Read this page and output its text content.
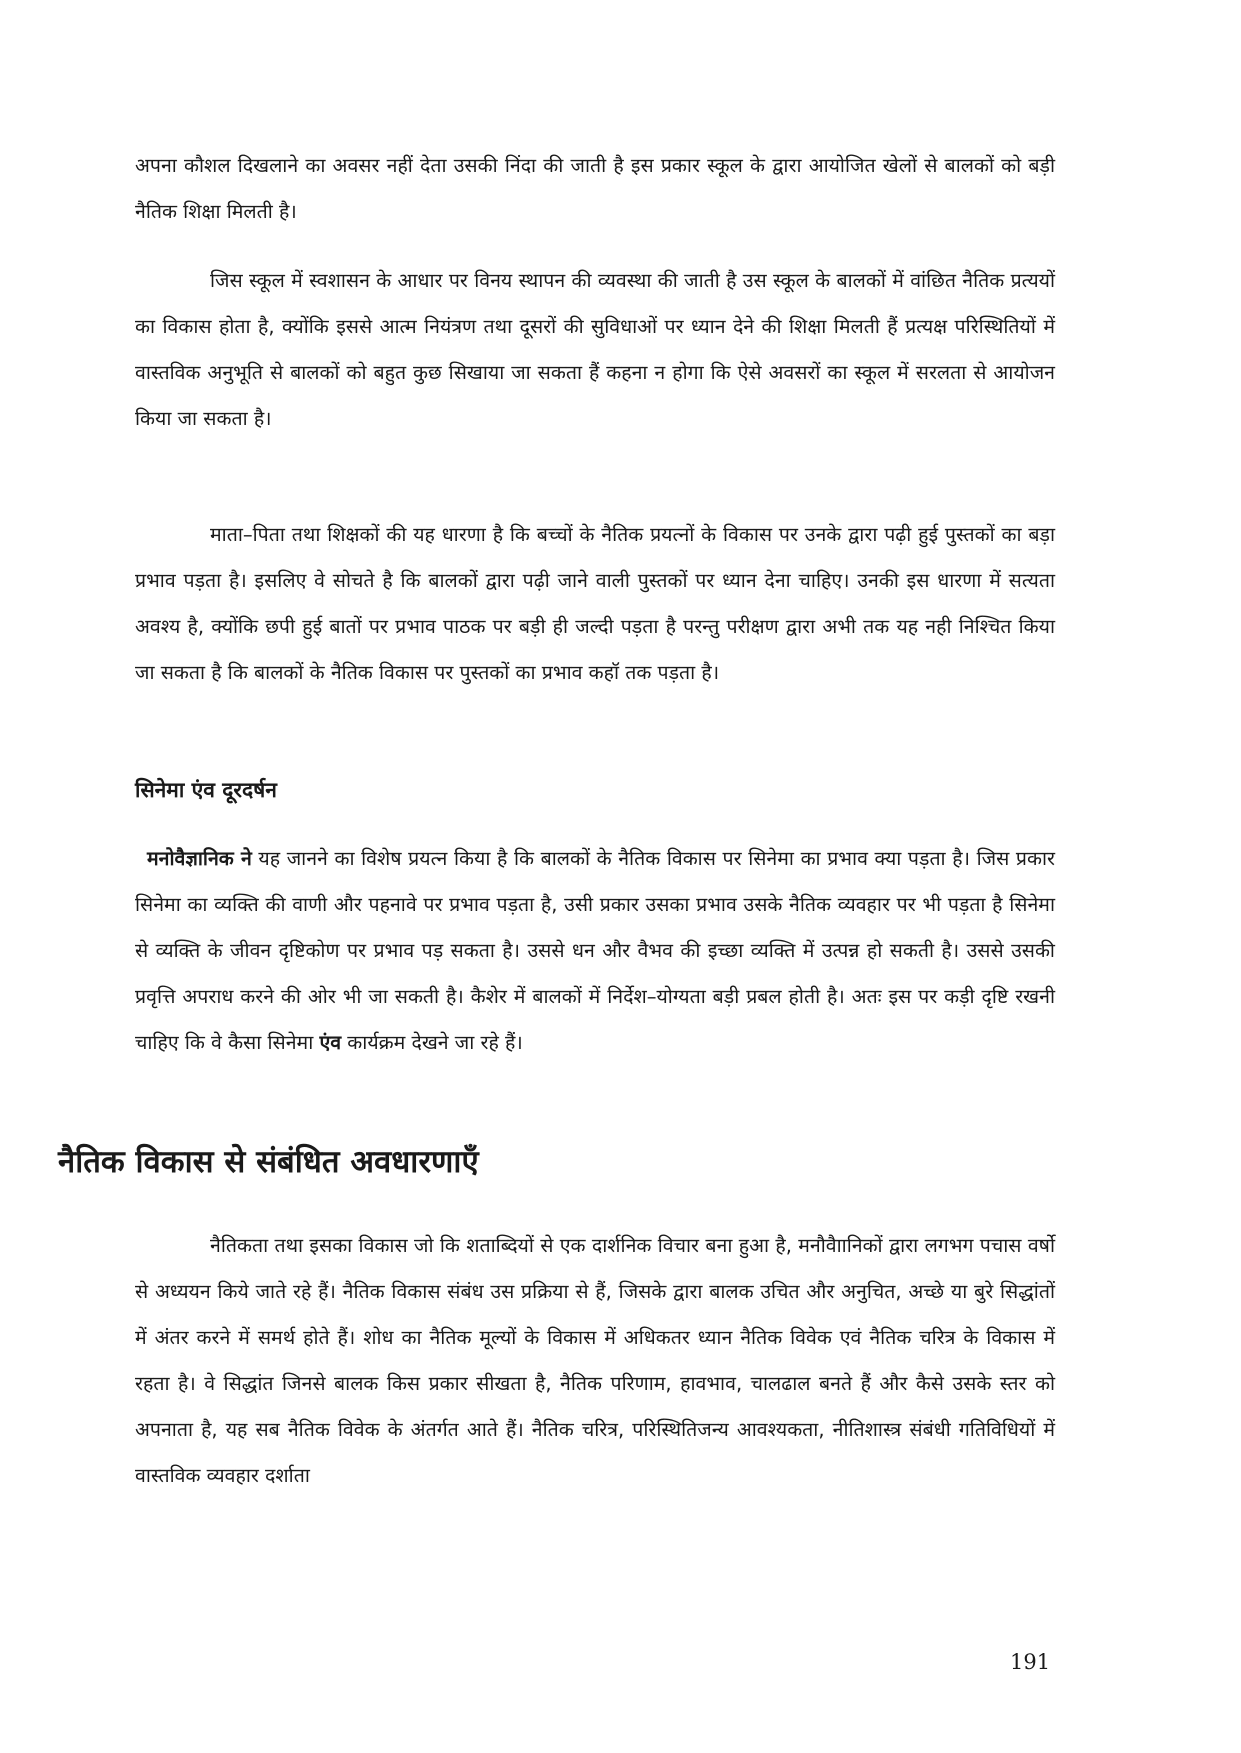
अपना कौशल दिखलाने का अवसर नहीं देता उसकी निंदा की जाती है इस प्रकार स्कूल के द्वारा आयोजित खेलों से बालकों को बड़ी नैतिक शिक्षा मिलती है।

जिस स्कूल में स्वशासन के आधार पर विनय स्थापन की व्यवस्था की जाती है उस स्कूल के बालकों में वांछित नैतिक प्रत्ययों का विकास होता है, क्योंकि इससे आत्म नियंत्रण तथा दूसरों की सुविधाओं पर ध्यान देने की शिक्षा मिलती हैं प्रत्यक्ष परिस्थितियों में वास्तविक अनुभूति से बालकों को बहुत कुछ सिखाया जा सकता हैं कहना न होगा कि ऐसे अवसरों का स्कूल में सरलता से आयोजन किया जा सकता है।

माता–पिता तथा शिक्षकों की यह धारणा है कि बच्चों के नैतिक प्रयत्नों के विकास पर उनके द्वारा पढ़ी हुई पुस्तकों का बड़ा प्रभाव पड़ता है। इसलिए वे सोचते है कि बालकों द्वारा पढ़ी जाने वाली पुस्तकों पर ध्यान देना चाहिए। उनकी इस धारणा में सत्यता अवश्य है, क्योंकि छपी हुई बातों पर प्रभाव पाठक पर बड़ी ही जल्दी पड़ता है परन्तु परीक्षण द्वारा अभी तक यह नही निश्चित किया जा सकता है कि बालकों के नैतिक विकास पर पुस्तकों का प्रभाव कहॉ तक पड़ता है।

सिनेमा एंव दूरदर्षन

मनोवैज्ञानिक ने यह जानने का विशेष प्रयत्न किया है कि बालकों के नैतिक विकास पर सिनेमा का प्रभाव क्या पड़ता है। जिस प्रकार सिनेमा का व्यक्ति की वाणी और पहनावे पर प्रभाव पड़ता है, उसी प्रकार उसका प्रभाव उसके नैतिक व्यवहार पर भी पड़ता है सिनेमा से व्यक्ति के जीवन दृष्टिकोण पर प्रभाव पड़ सकता है। उससे धन और वैभव की इच्छा व्यक्ति में उत्पन्न हो सकती है। उससे उसकी प्रवृत्ति अपराध करने की ओर भी जा सकती है। कैशेर में बालकों में निर्देश–योग्यता बड़ी प्रबल होती है। अतः इस पर कड़ी दृष्टि रखनी चाहिए कि वे कैसा सिनेमा एंव कार्यक्रम देखने जा रहे हैं।

नैतिक विकास से संबंधित अवधारणाएँ

नैतिकता तथा इसका विकास जो कि शताब्दियों से एक दार्शनिक विचार बना हुआ है, मनौवैाानिकों द्वारा लगभग पचास वर्षो से अध्ययन किये जाते रहे हैं। नैतिक विकास संबंध उस प्रक्रिया से हैं, जिसके द्वारा बालक उचित और अनुचित, अच्छे या बुरे सिद्धांतों में अंतर करने में समर्थ होते हैं। शोध का नैतिक मूल्यों के विकास में अधिकतर ध्यान नैतिक विवेक एवं नैतिक चरित्र के विकास में रहता है। वे सिद्धांत जिनसे बालक किस प्रकार सीखता है, नैतिक परिणाम, हावभाव, चालढाल बनते हैं और कैसे उसके स्तर को अपनाता है, यह सब नैतिक विवेक के अंतर्गत आते हैं। नैतिक चरित्र, परिस्थितिजन्य आवश्यकता, नीतिशास्त्र संबंधी गतिविधियों में वास्तविक व्यवहार दर्शाता

191
